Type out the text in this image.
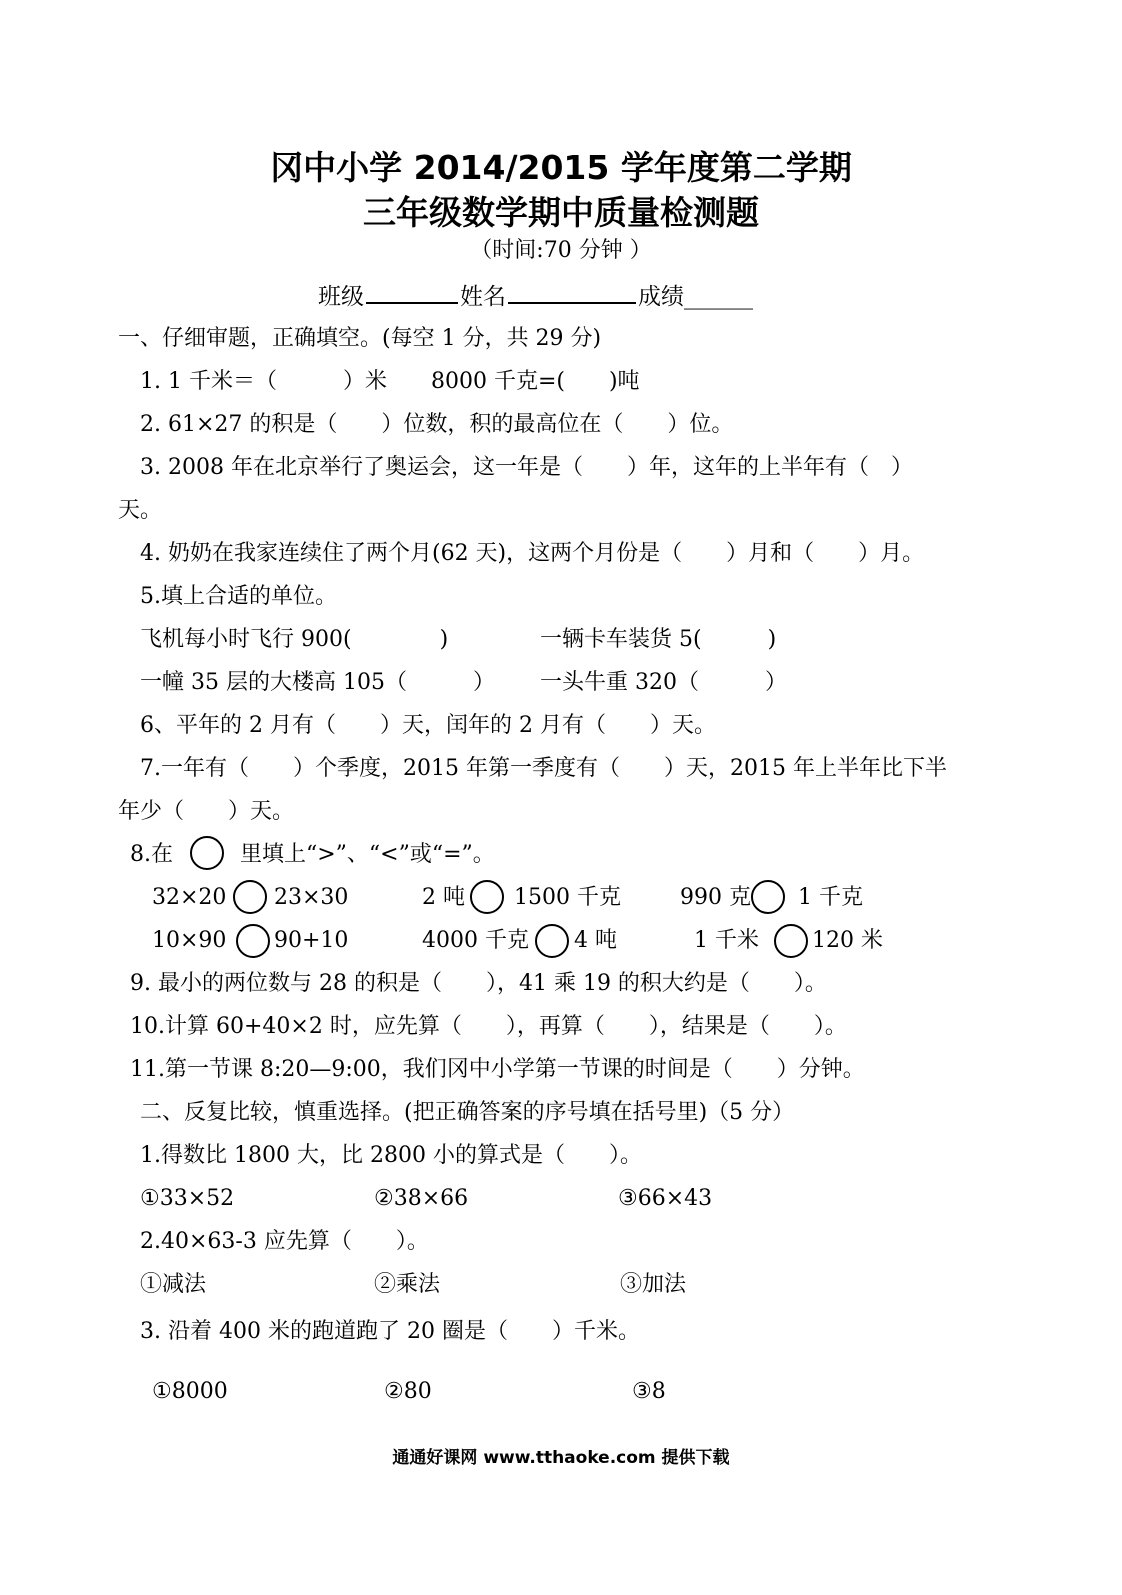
冈中小学 2014/2015 学年度第二学期
三年级数学期中质量检测题
（时间:70 分钟 ）
班级	姓名	成绩______
一、仔细审题，正确填空。(每空 1 分，共 29 分)
1. 1 千米＝（　　　）米　　8000 千克=(　　)吨
2. 61×27 的积是（　　）位数，积的最高位在（　　）位。
3. 2008 年在北京举行了奥运会，这一年是（　　）年，这年的上半年有（　）
天。
4. 奶奶在我家连续住了两个月(62 天)，这两个月份是（　　）月和（　　）月。
5.填上合适的单位。
飞机每小时飞行 900(　　　　)	一辆卡车装货 5(　　　)
一幢 35 层的大楼高 105（　　　） 一头牛重 320（　　　）
6、平年的 2 月有（　　）天，闰年的 2 月有（　　）天。
7.一年有（　　）个季度，2015 年第一季度有（　　）天，2015 年上半年比下半
年少（　　）天。
8.在	里填上“>”、“<”或“=”。
32×20 23×30	2 吨 1500 千克	990 克 1 千克
10×90 90+10	4000 千克 4 吨	1 千米 120 米
9. 最小的两位数与 28 的积是（　　），41 乘 19 的积大约是（　　）。
10.计算 60+40×2 时，应先算（　　），再算（　　），结果是（　　）。
11.第一节课 8:20—9:00，我们冈中小学第一节课的时间是（　　）分钟。
二、反复比较，慎重选择。(把正确答案的序号填在括号里)（5 分）
1.得数比 1800 大，比 2800 小的算式是（　　）。
①33×52	②38×66	③66×43
2.40×63-3 应先算（　　）。
①减法	②乘法	③加法
3. 沿着 400 米的跑道跑了 20 圈是（　　）千米。
①8000	②80	③8
通通好课网 www.tthaoke.com 提供下载
